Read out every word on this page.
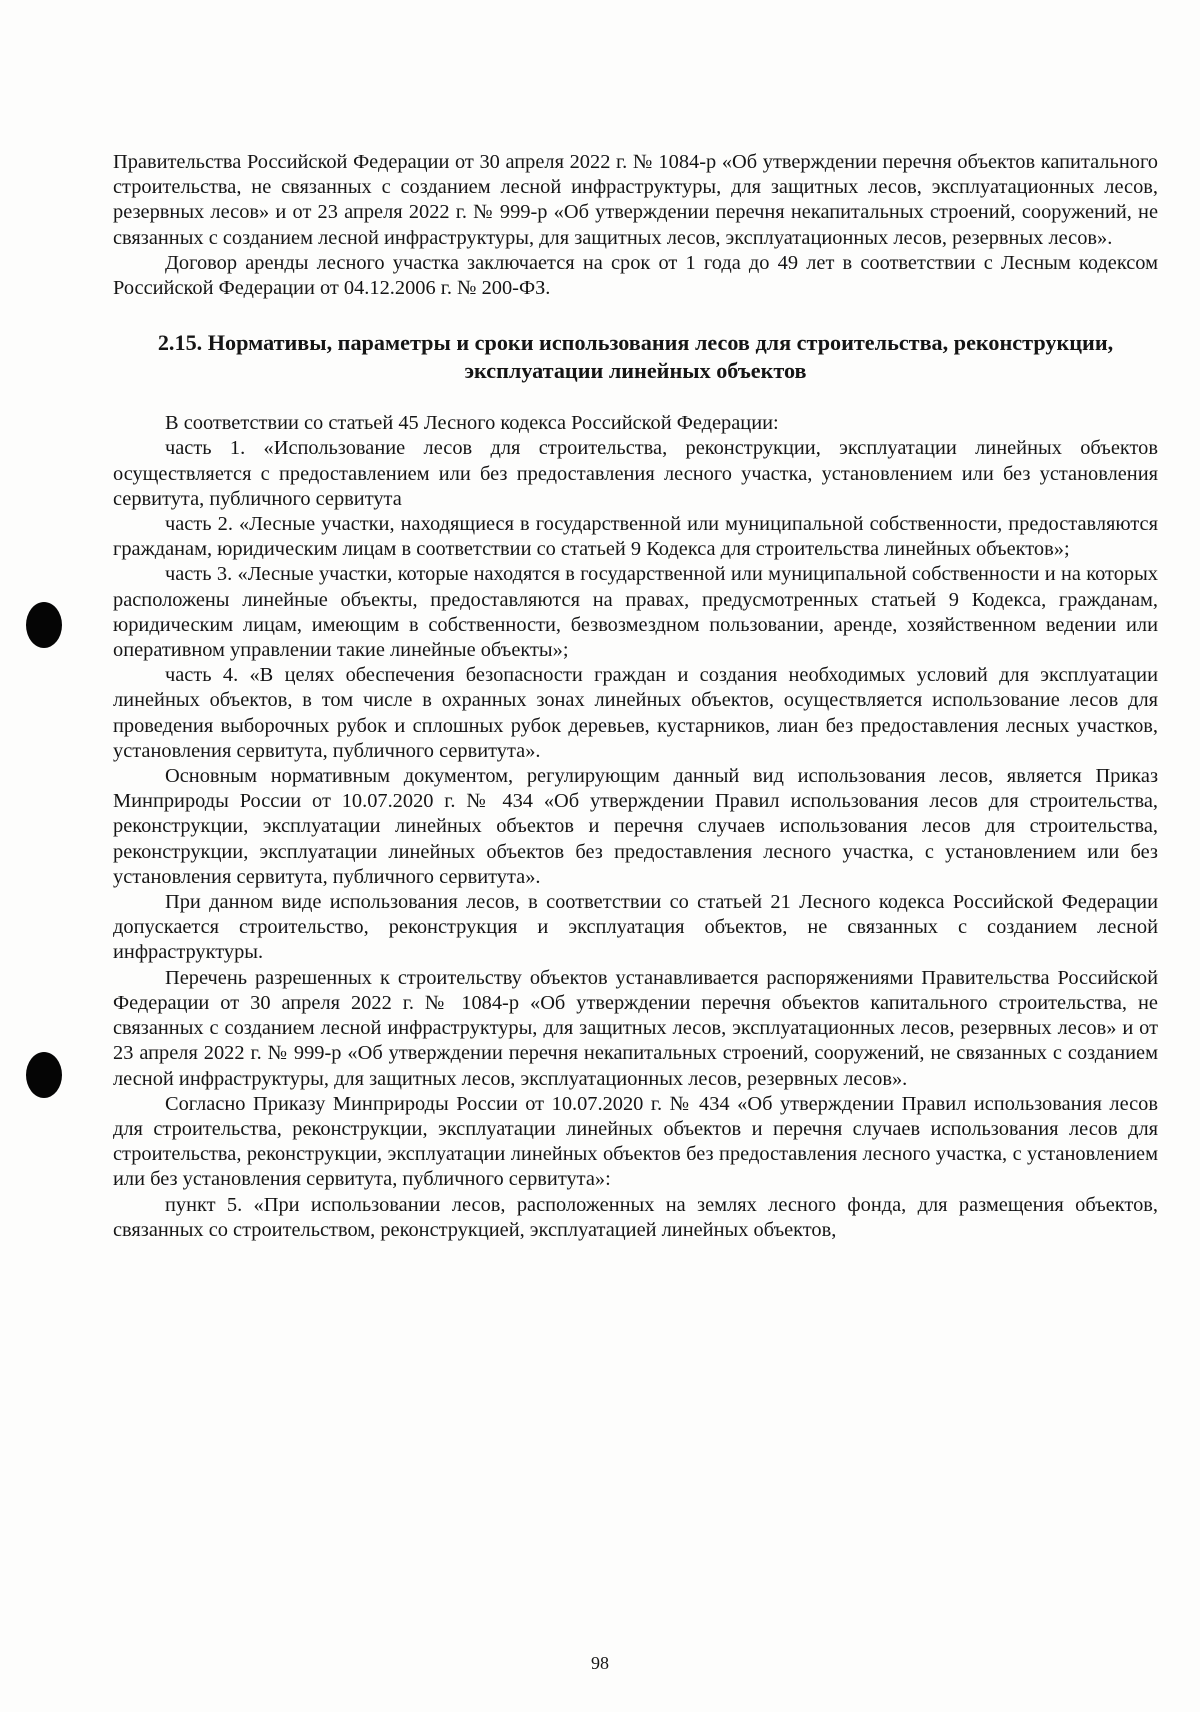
Правительства Российской Федерации от 30 апреля 2022 г. № 1084-р «Об утверждении перечня объектов капитального строительства, не связанных с созданием лесной инфраструктуры, для защитных лесов, эксплуатационных лесов, резервных лесов» и от 23 апреля 2022 г. № 999-р «Об утверждении перечня некапитальных строений, сооружений, не связанных с созданием лесной инфраструктуры, для защитных лесов, эксплуатационных лесов, резервных лесов».

Договор аренды лесного участка заключается на срок от 1 года до 49 лет в соответствии с Лесным кодексом Российской Федерации от 04.12.2006 г. № 200-ФЗ.

2.15. Нормативы, параметры и сроки использования лесов для строительства, реконструкции, эксплуатации линейных объектов

В соответствии со статьей 45 Лесного кодекса Российской Федерации:

часть 1. «Использование лесов для строительства, реконструкции, эксплуатации линейных объектов осуществляется с предоставлением или без предоставления лесного участка, установлением или без установления сервитута, публичного сервитута

часть 2. «Лесные участки, находящиеся в государственной или муниципальной собственности, предоставляются гражданам, юридическим лицам в соответствии со статьей 9 Кодекса для строительства линейных объектов»;

часть 3. «Лесные участки, которые находятся в государственной или муниципальной собственности и на которых расположены линейные объекты, предоставляются на правах, предусмотренных статьей 9 Кодекса, гражданам, юридическим лицам, имеющим в собственности, безвозмездном пользовании, аренде, хозяйственном ведении или оперативном управлении такие линейные объекты»;

часть 4. «В целях обеспечения безопасности граждан и создания необходимых условий для эксплуатации линейных объектов, в том числе в охранных зонах линейных объектов, осуществляется использование лесов для проведения выборочных рубок и сплошных рубок деревьев, кустарников, лиан без предоставления лесных участков, установления сервитута, публичного сервитута».

Основным нормативным документом, регулирующим данный вид использования лесов, является Приказ Минприроды России от 10.07.2020 г. № 434 «Об утверждении Правил использования лесов для строительства, реконструкции, эксплуатации линейных объектов и перечня случаев использования лесов для строительства, реконструкции, эксплуатации линейных объектов без предоставления лесного участка, с установлением или без установления сервитута, публичного сервитута».

При данном виде использования лесов, в соответствии со статьей 21 Лесного кодекса Российской Федерации допускается строительство, реконструкция и эксплуатация объектов, не связанных с созданием лесной инфраструктуры.

Перечень разрешенных к строительству объектов устанавливается распоряжениями Правительства Российской Федерации от 30 апреля 2022 г. № 1084-р «Об утверждении перечня объектов капитального строительства, не связанных с созданием лесной инфраструктуры, для защитных лесов, эксплуатационных лесов, резервных лесов» и от 23 апреля 2022 г. № 999-р «Об утверждении перечня некапитальных строений, сооружений, не связанных с созданием лесной инфраструктуры, для защитных лесов, эксплуатационных лесов, резервных лесов».

Согласно Приказу Минприроды России от 10.07.2020 г. № 434 «Об утверждении Правил использования лесов для строительства, реконструкции, эксплуатации линейных объектов и перечня случаев использования лесов для строительства, реконструкции, эксплуатации линейных объектов без предоставления лесного участка, с установлением или без установления сервитута, публичного сервитута»:

пункт 5. «При использовании лесов, расположенных на землях лесного фонда, для размещения объектов, связанных со строительством, реконструкцией, эксплуатацией линейных объектов,

98
